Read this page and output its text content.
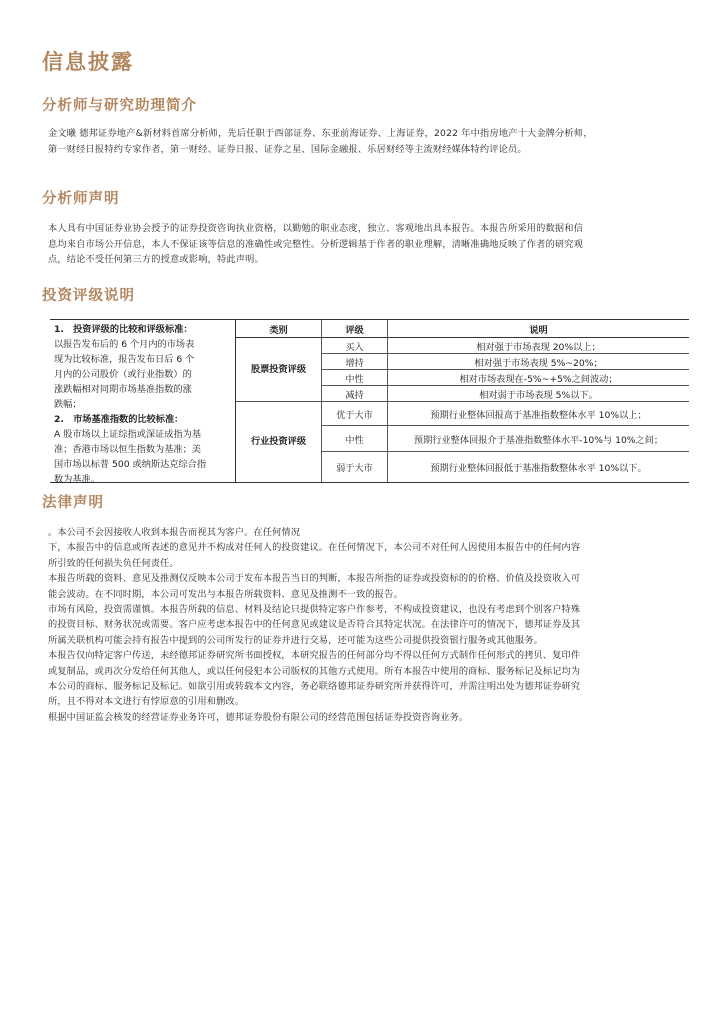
信息披露
分析师与研究助理简介
金文曦 德邦证券地产&新材料首席分析师，先后任职于西部证券、东亚前海证券、上海证券，2022 年中指房地产十大金牌分析师，
第一财经日报特约专家作者，第一财经、证券日报、证券之星、国际金融报、乐居财经等主流财经媒体特约评论员。
分析师声明
本人具有中国证券业协会授予的证券投资咨询执业资格，以勤勉的职业态度，独立、客观地出具本报告。本报告所采用的数据和信
息均来自市场公开信息，本人不保证该等信息的准确性或完整性。分析逻辑基于作者的职业理解，清晰准确地反映了作者的研究观
点，结论不受任何第三方的授意或影响，特此声明。
投资评级说明
1.　投资评级的比较和评级标准：
以报告发布后的 6 个月内的市场表
现为比较标准，报告发布日后 6 个
月内的公司股价（或行业指数）的
涨跌幅相对同期市场基准指数的涨
跌幅；
2.　市场基准指数的比较标准：
A 股市场以上证综指或深证成指为基
准；香港市场以恒生指数为基准；美
国市场以标普 500 或纳斯达克综合指
数为基准。
类别	评级	说明
股票投资评级
买入	相对强于市场表现 20%以上；
增持	相对强于市场表现 5%~20%；
中性	相对市场表现在-5%~+5%之间波动；
减持	相对弱于市场表现 5%以下。
行业投资评级
优于大市	预期行业整体回报高于基准指数整体水平 10%以上；
中性	预期行业整体回报介于基准指数整体水平-10%与 10%之间；
弱于大市	预期行业整体回报低于基准指数整体水平 10%以下。
法律声明
。本公司不会因接收人收到本报告而视其为客户。在任何情况
下，本报告中的信息或所表述的意见并不构成对任何人的投资建议。在任何情况下，本公司不对任何人因使用本报告中的任何内容
所引致的任何损失负任何责任。
本报告所载的资料、意见及推测仅反映本公司于发布本报告当日的判断，本报告所指的证券或投资标的的价格、价值及投资收入可
能会波动。在不同时期，本公司可发出与本报告所载资料、意见及推测不一致的报告。
市场有风险，投资需谨慎。本报告所载的信息、材料及结论只提供特定客户作参考，不构成投资建议，也没有考虑到个别客户特殊
的投资目标、财务状况或需要。客户应考虑本报告中的任何意见或建议是否符合其特定状况。在法律许可的情况下，德邦证券及其
所属关联机构可能会持有报告中提到的公司所发行的证券并进行交易，还可能为这些公司提供投资银行服务或其他服务。
本报告仅向特定客户传送，未经德邦证券研究所书面授权，本研究报告的任何部分均不得以任何方式制作任何形式的拷贝、复印件
或复制品，或再次分发给任何其他人，或以任何侵犯本公司版权的其他方式使用。所有本报告中使用的商标、服务标记及标记均为
本公司的商标、服务标记及标记。如欲引用或转载本文内容，务必联络德邦证券研究所并获得许可，并需注明出处为德邦证券研究
所，且不得对本文进行有悖原意的引用和删改。
根据中国证监会核发的经营证券业务许可，德邦证券股份有限公司的经营范围包括证券投资咨询业务。
